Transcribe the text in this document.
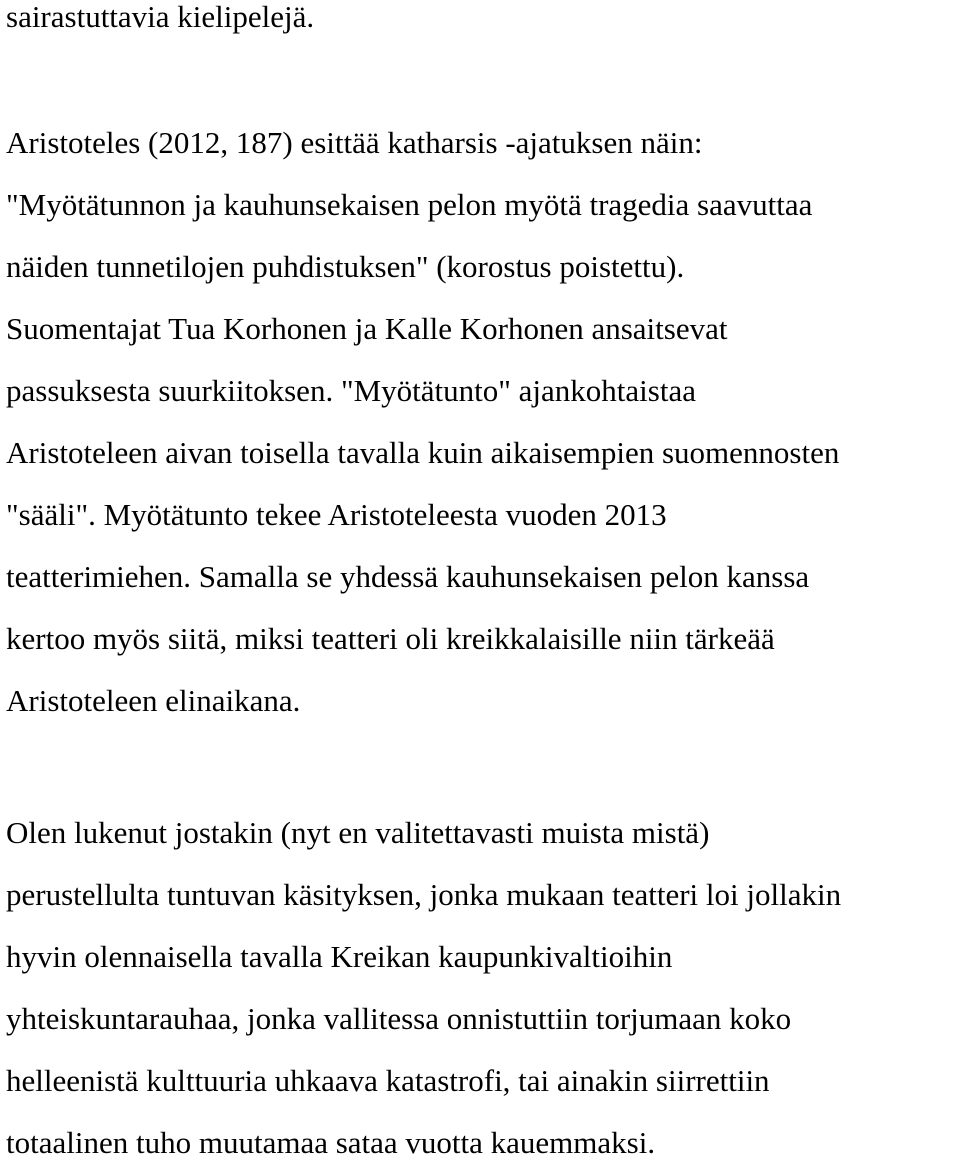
sairastuttavia kielipelejä.
Aristoteles (2012, 187) esittää katharsis -ajatuksen näin:
"Myötätunnon ja kauhunsekaisen pelon myötä tragedia saavuttaa
näiden tunnetilojen puhdistuksen" (korostus poistettu).
Suomentajat Tua Korhonen ja Kalle Korhonen ansaitsevat
passuksesta suurkiitoksen. "Myötätunto" ajankohtaistaa
Aristoteleen aivan toisella tavalla kuin aikaisempien suomennosten
"sääli". Myötätunto tekee Aristoteleesta vuoden 2013
teatterimiehen. Samalla se yhdessä kauhunsekaisen pelon kanssa
kertoo myös siitä, miksi teatteri oli kreikkalaisille niin tärkeää
Aristoteleen elinaikana.
Olen lukenut jostakin (nyt en valitettavasti muista mistä)
perustellulta tuntuvan käsityksen, jonka mukaan teatteri loi jollakin
hyvin olennaisella tavalla Kreikan kaupunkivaltioihin
yhteiskuntarauhaa, jonka vallitessa onnistuttiin torjumaan koko
helleenistä kulttuuria uhkaava katastrofi, tai ainakin siirrettiin
totaalinen tuho muutamaa sataa vuotta kauemmaksi.
